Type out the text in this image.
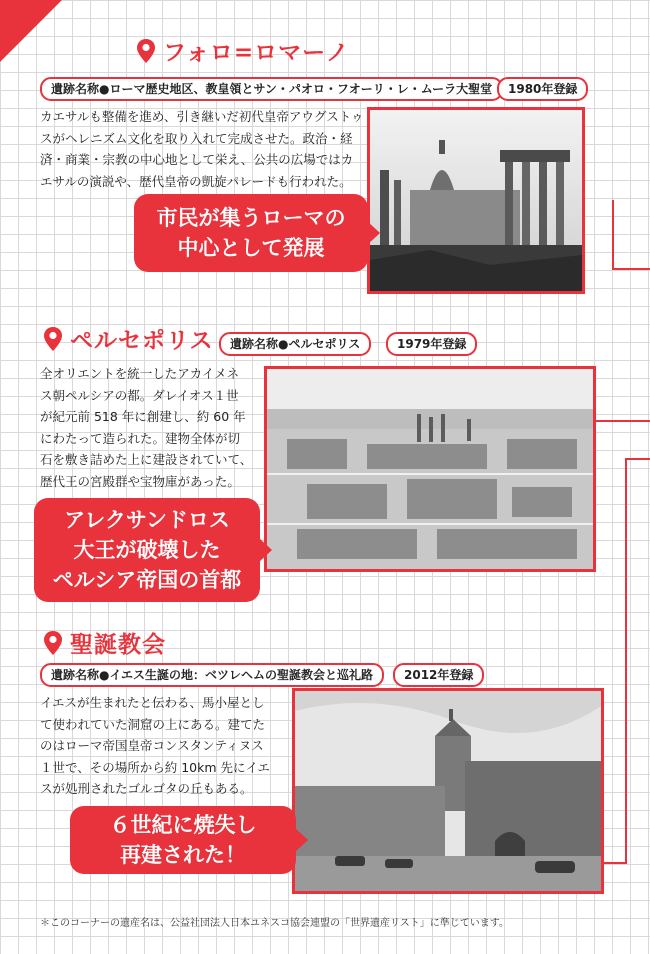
フォロ=ロマーノ
遺跡名称●ローマ歴史地区、教皇領とサン・パオロ・フオーリ・レ・ムーラ大聖堂	1980年登録
カエサルも整備を進め、引き継いだ初代皇帝アウグストゥ
スがヘレニズム文化を取り入れて完成させた。政治・経
済・商業・宗教の中心地として栄え、公共の広場ではカ
エサルの演説や、歴代皇帝の凱旋パレードも行われた。
市民が集うローマの
中心として発展
ペルセポリス	遺跡名称●ペルセポリス	1979年登録
全オリエントを統一したアカイメネ
ス朝ペルシアの都。ダレイオス１世
が紀元前 518 年に創建し、約 60 年
にわたって造られた。建物全体が切
石を敷き詰めた上に建設されていて、
歴代王の宮殿群や宝物庫があった。
アレクサンドロス
大王が破壊した
ペルシア帝国の首都
聖誕教会
遺跡名称●イエス生誕の地：ベツレヘムの聖誕教会と巡礼路	2012年登録
イエスが生まれたと伝わる、馬小屋とし
て使われていた洞窟の上にある。建てた
のはローマ帝国皇帝コンスタンティヌス
１世で、その場所から約 10km 先にイエ
スが処刑されたゴルゴタの丘もある。
６世紀に焼失し
再建された！
＊このコーナーの遺産名は、公益社団法人日本ユネスコ協会連盟の「世界遺産リスト」に準じています。
